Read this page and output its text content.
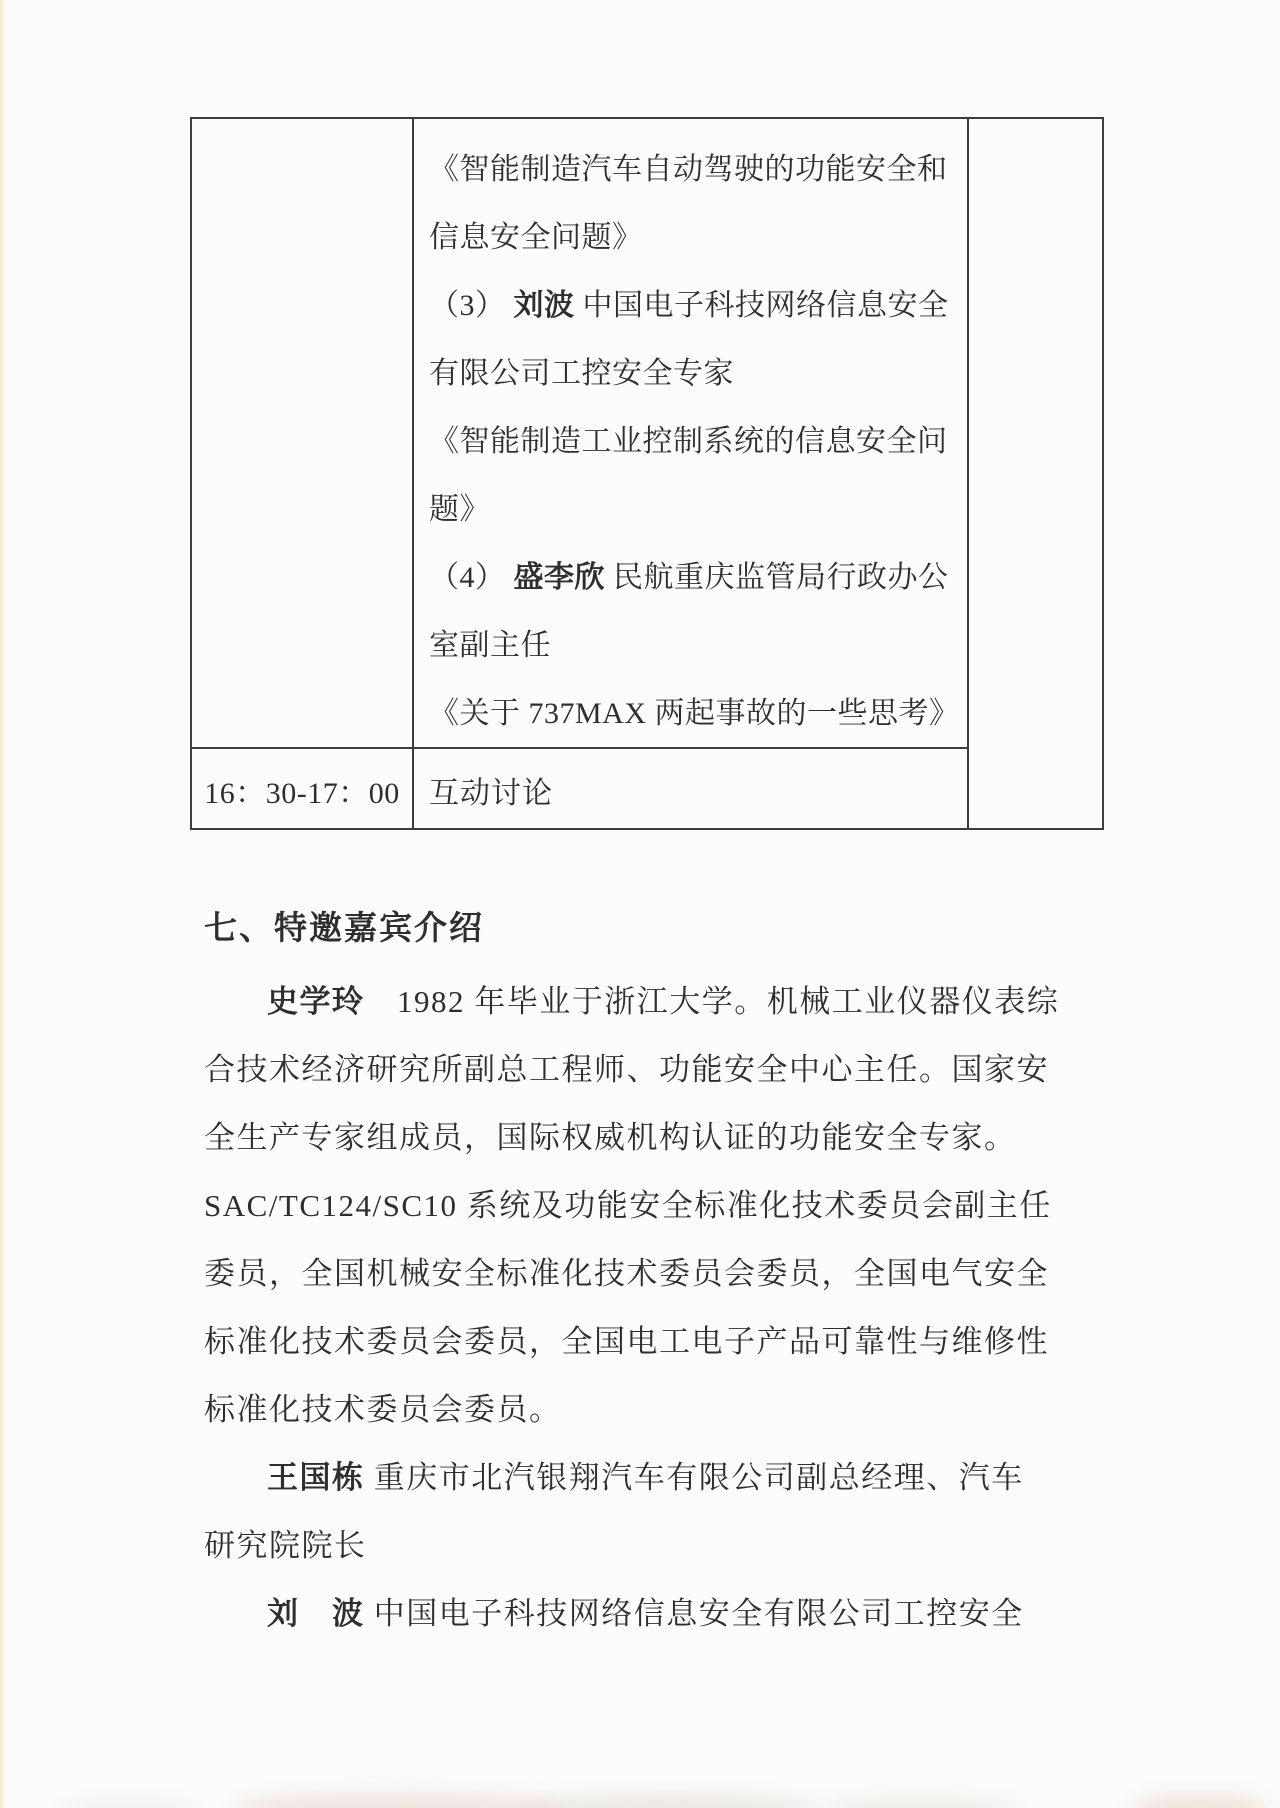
《智能制造汽车自动驾驶的功能安全和
信息安全问题》
（3） 刘波 中国电子科技网络信息安全
有限公司工控安全专家
《智能制造工业控制系统的信息安全问
题》
（4） 盛李欣 民航重庆监管局行政办公
室副主任
《关于 737MAX 两起事故的一些思考》
16：30-17：00 互动讨论
七、特邀嘉宾介绍
史学玲　1982 年毕业于浙江大学。机械工业仪器仪表综
合技术经济研究所副总工程师、功能安全中心主任。国家安
全生产专家组成员，国际权威机构认证的功能安全专家。
SAC/TC124/SC10 系统及功能安全标准化技术委员会副主任
委员，全国机械安全标准化技术委员会委员，全国电气安全
标准化技术委员会委员，全国电工电子产品可靠性与维修性
标准化技术委员会委员。
王国栋 重庆市北汽银翔汽车有限公司副总经理、汽车
研究院院长
刘　波 中国电子科技网络信息安全有限公司工控安全
